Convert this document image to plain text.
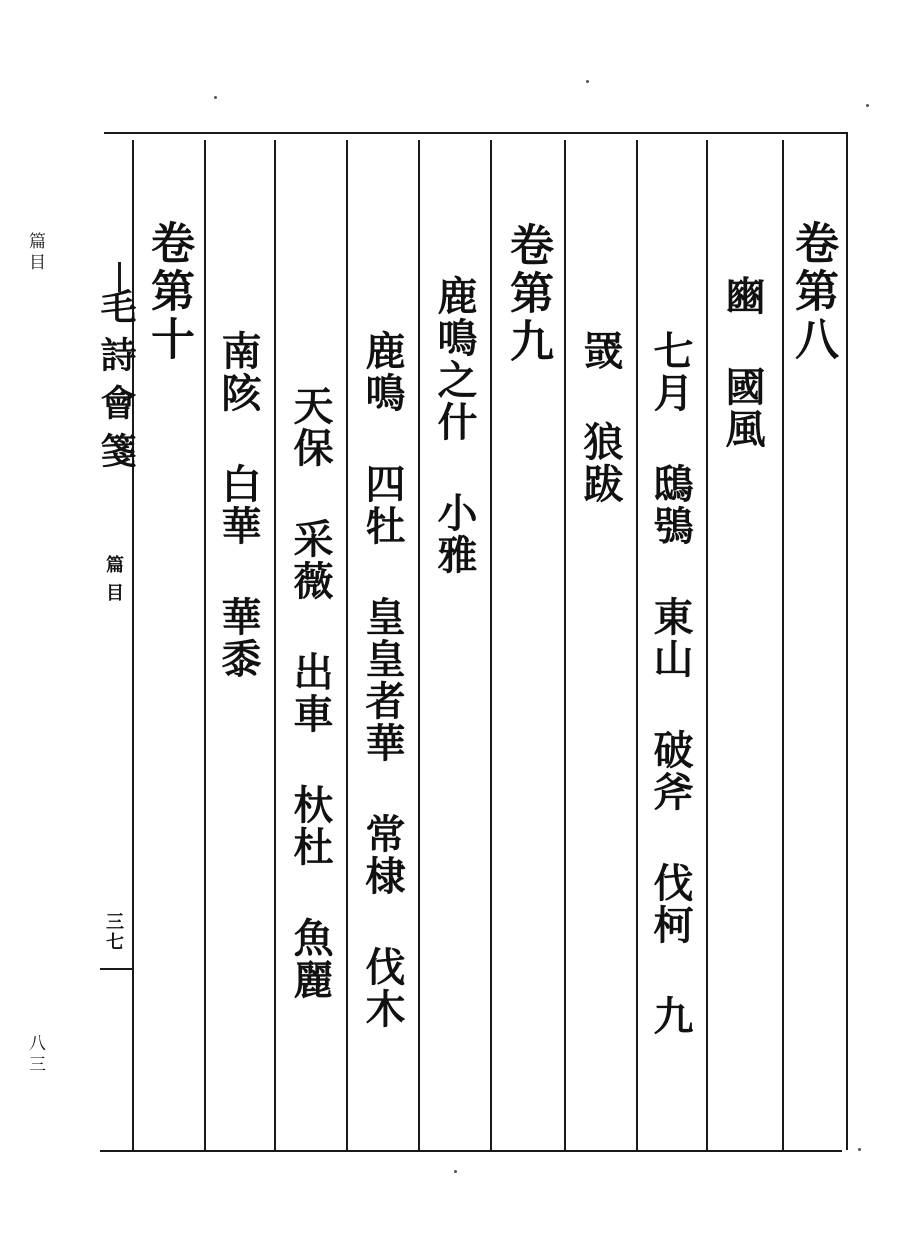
篇目
八三
毛詩會箋
篇目
三七
卷第八
豳 國風
七月 鴟鴞 東山 破斧 伐柯 九
罭 狼跋
卷第九
鹿鳴之什 小雅
鹿鳴 四牡 皇皇者華 常棣 伐木
天保 采薇 出車 杕杜 魚麗
南陔 白華 華黍
卷第十
